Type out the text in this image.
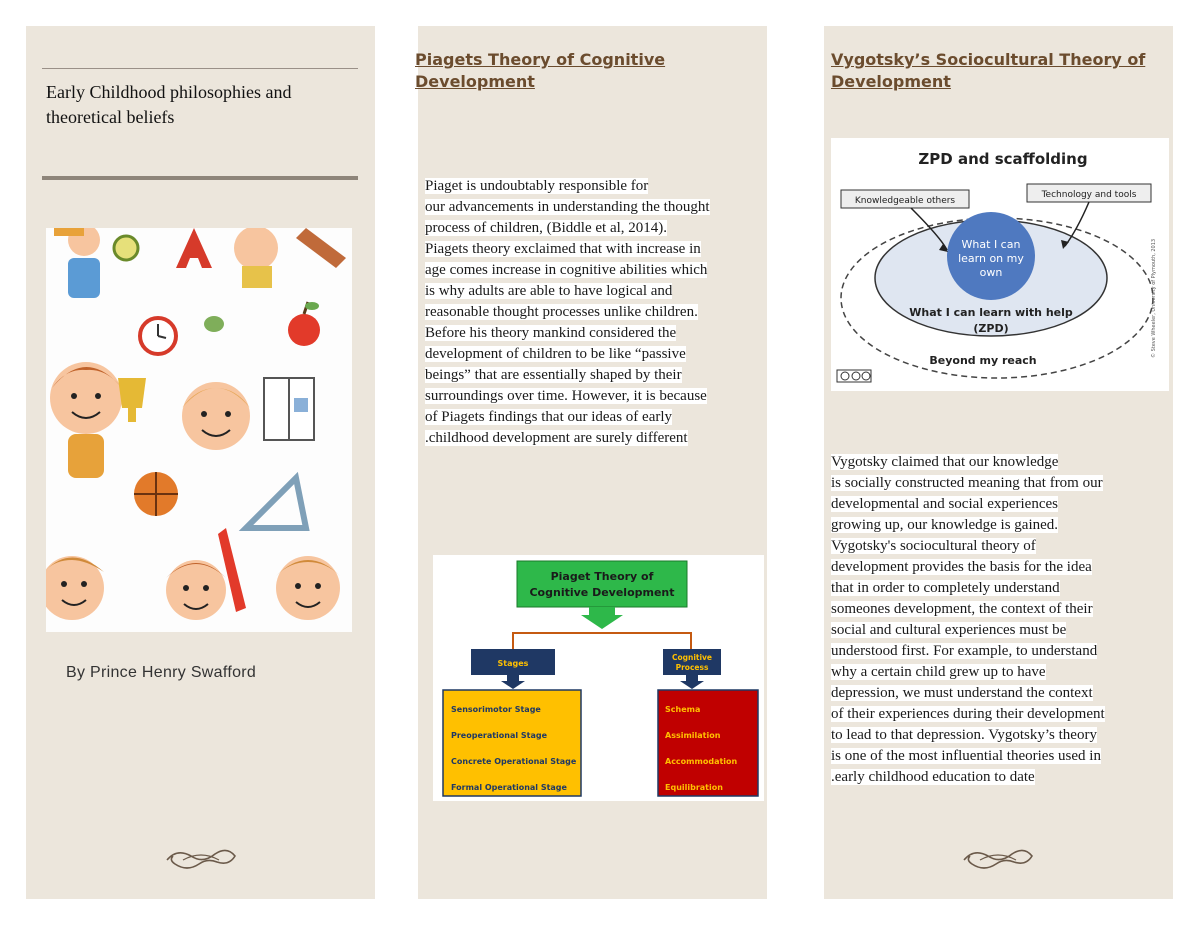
Early Childhood philosophies and theoretical beliefs
By Prince Henry Swafford
Piagets Theory of Cognitive Development
Piaget is undoubtably responsible for
our advancements in understanding the thought
process of children, (Biddle et al, 2014).
Piagets theory exclaimed that with increase in
age comes increase in cognitive abilities which
is why adults are able to have logical and
reasonable thought processes unlike children.
Before his theory mankind considered the
development of children to be like “passive
beings” that are essentially shaped by their
surroundings over time. However, it is because
of Piagets findings that our ideas of early
.childhood development are surely different

Piaget Theory of
Cognitive Development
Stages
Cognitive
Process
Sensorimotor Stage
Preoperational Stage
Concrete Operational Stage
Formal Operational Stage
Schema
Assimilation
Accommodation
Equilibration
Vygotsky’s Sociocultural Theory of Development
ZPD and scaffolding
What I can
learn on my
own
What I can learn with help
(ZPD)
Beyond my reach
Knowledgeable others
Technology and tools
© Steve Wheeler, University of Plymouth, 2013
Vygotsky claimed that our knowledge
is socially constructed meaning that from our
developmental and social experiences
growing up, our knowledge is gained.
Vygotsky's sociocultural theory of
development provides the basis for the idea
that in order to completely understand
someones development, the context of their
social and cultural experiences must be
understood first. For example, to understand
why a certain child grew up to have
depression, we must understand the context
of their experiences during their development
to lead to that depression. Vygotsky’s theory
is one of the most influential theories used in
.early childhood education to date
